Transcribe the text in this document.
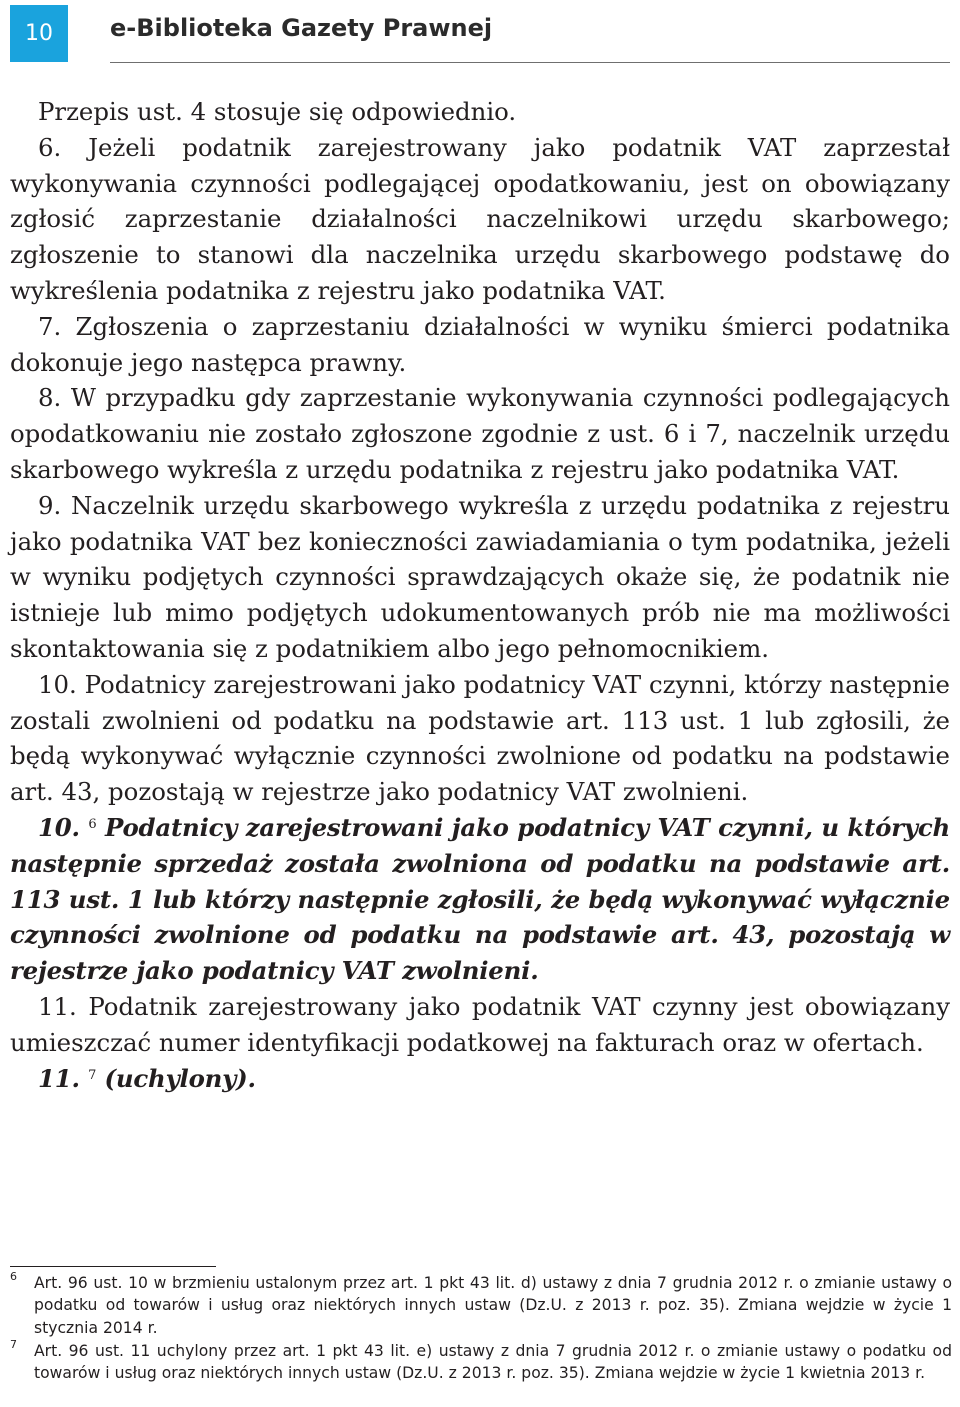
10	e-Biblioteka Gazety Prawnej

Przepis ust. 4 stosuje się odpowiednio.

6. Jeżeli podatnik zarejestrowany jako podatnik VAT zaprzestał wykonywania czynności podlegającej opodatkowaniu, jest on obowiązany zgłosić zaprzestanie działalności naczelnikowi urzędu skarbowego; zgłoszenie to stanowi dla naczelnika urzędu skarbowego podstawę do wykreślenia podatnika z rejestru jako podatnika VAT.

7. Zgłoszenia o zaprzestaniu działalności w wyniku śmierci podatnika dokonuje jego następca prawny.

8. W przypadku gdy zaprzestanie wykonywania czynności podlegających opodatkowaniu nie zostało zgłoszone zgodnie z ust. 6 i 7, naczelnik urzędu skarbowego wykreśla z urzędu podatnika z rejestru jako podatnika VAT.

9. Naczelnik urzędu skarbowego wykreśla z urzędu podatnika z rejestru jako podatnika VAT bez konieczności zawiadamiania o tym podatnika, jeżeli w wyniku podjętych czynności sprawdzających okaże się, że podatnik nie istnieje lub mimo podjętych udokumentowanych prób nie ma możliwości skontaktowania się z podatnikiem albo jego pełnomocnikiem.

10. Podatnicy zarejestrowani jako podatnicy VAT czynni, którzy następnie zostali zwolnieni od podatku na podstawie art. 113 ust. 1 lub zgłosili, że będą wykonywać wyłącznie czynności zwolnione od podatku na podstawie art. 43, pozostają w rejestrze jako podatnicy VAT zwolnieni.

10. $^6$ Podatnicy zarejestrowani jako podatnicy VAT czynni, u których następnie sprzedaż została zwolniona od podatku na podstawie art. 113 ust. 1 lub którzy następnie zgłosili, że będą wykonywać wyłącznie czynności zwolnione od podatku na podstawie art. 43, pozostają w rejestrze jako podatnicy VAT zwolnieni.

11. Podatnik zarejestrowany jako podatnik VAT czynny jest obowiązany umieszczać numer identyfikacji podatkowej na fakturach oraz w ofertach.

11. $^7$ (uchylony).

6 Art. 96 ust. 10 w brzmieniu ustalonym przez art. 1 pkt 43 lit. d) ustawy z dnia 7 grudnia 2012 r. o zmianie ustawy o podatku od towarów i usług oraz niektórych innych ustaw (Dz.U. z 2013 r. poz. 35). Zmiana wejdzie w życie 1 stycznia 2014 r.
7 Art. 96 ust. 11 uchylony przez art. 1 pkt 43 lit. e) ustawy z dnia 7 grudnia 2012 r. o zmianie ustawy o podatku od towarów i usług oraz niektórych innych ustaw (Dz.U. z 2013 r. poz. 35). Zmiana wejdzie w życie 1 kwietnia 2013 r.
